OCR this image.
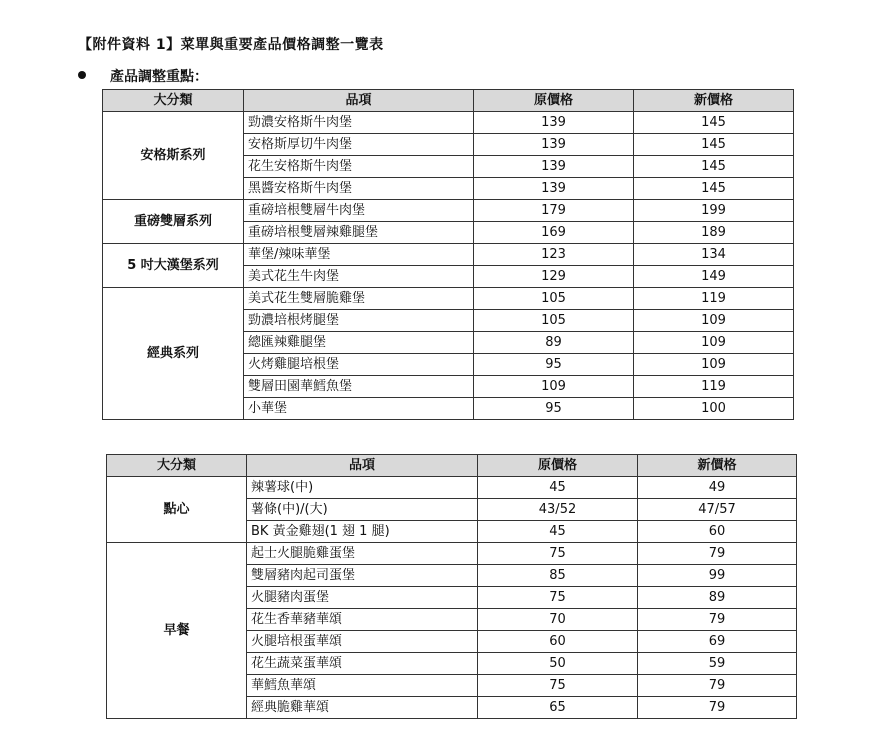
【附件資料 1】菜單與重要產品價格調整一覽表
產品調整重點：
大分類	品項	原價格	新價格
安格斯系列	勁濃安格斯牛肉堡	139	145
	安格斯厚切牛肉堡	139	145
	花生安格斯牛肉堡	139	145
	黑醬安格斯牛肉堡	139	145
重磅雙層系列	重磅培根雙層牛肉堡	179	199
	重磅培根雙層辣雞腿堡	169	189
5 吋大漢堡系列	華堡/辣味華堡	123	134
	美式花生牛肉堡	129	149
經典系列	美式花生雙層脆雞堡	105	119
	勁濃培根烤腿堡	105	109
	總匯辣雞腿堡	89	109
	火烤雞腿培根堡	95	109
	雙層田園華鱈魚堡	109	119
	小華堡	95	100
大分類	品項	原價格	新價格
點心	辣薯球(中)	45	49
	薯條(中)/(大)	43/52	47/57
	BK 黃金雞翅(1 翅 1 腿)	45	60
早餐	起士火腿脆雞蛋堡	75	79
	雙層豬肉起司蛋堡	85	99
	火腿豬肉蛋堡	75	89
	花生香華豬華頌	70	79
	火腿培根蛋華頌	60	69
	花生蔬菜蛋華頌	50	59
	華鱈魚華頌	75	79
	經典脆雞華頌	65	79
